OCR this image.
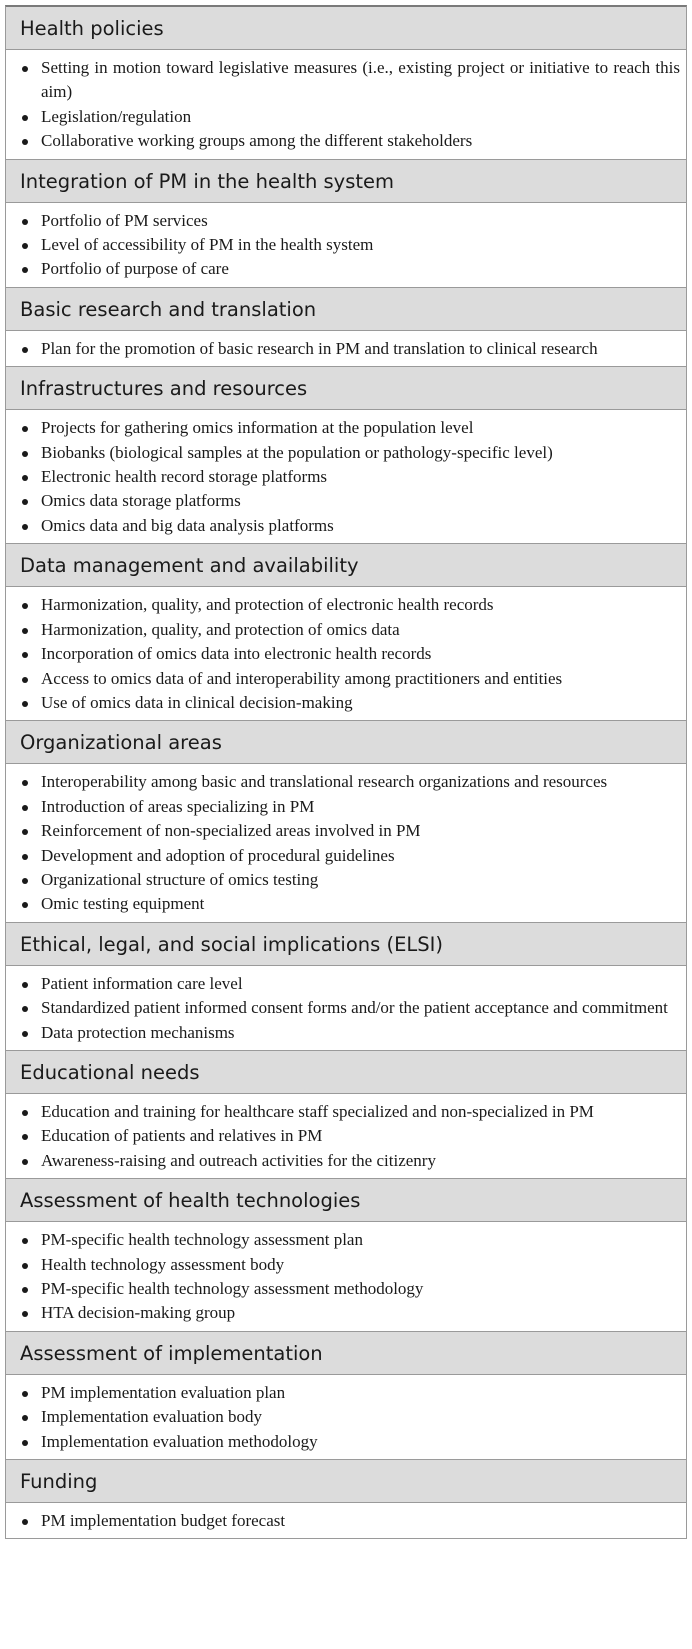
Health policies
Setting in motion toward legislative measures (i.e., existing project or initiative to reach this aim)
Legislation/regulation
Collaborative working groups among the different stakeholders
Integration of PM in the health system
Portfolio of PM services
Level of accessibility of PM in the health system
Portfolio of purpose of care
Basic research and translation
Plan for the promotion of basic research in PM and translation to clinical research
Infrastructures and resources
Projects for gathering omics information at the population level
Biobanks (biological samples at the population or pathology-specific level)
Electronic health record storage platforms
Omics data storage platforms
Omics data and big data analysis platforms
Data management and availability
Harmonization, quality, and protection of electronic health records
Harmonization, quality, and protection of omics data
Incorporation of omics data into electronic health records
Access to omics data of and interoperability among practitioners and entities
Use of omics data in clinical decision-making
Organizational areas
Interoperability among basic and translational research organizations and resources
Introduction of areas specializing in PM
Reinforcement of non-specialized areas involved in PM
Development and adoption of procedural guidelines
Organizational structure of omics testing
Omic testing equipment
Ethical, legal, and social implications (ELSI)
Patient information care level
Standardized patient informed consent forms and/or the patient acceptance and commitment
Data protection mechanisms
Educational needs
Education and training for healthcare staff specialized and non-specialized in PM
Education of patients and relatives in PM
Awareness-raising and outreach activities for the citizenry
Assessment of health technologies
PM-specific health technology assessment plan
Health technology assessment body
PM-specific health technology assessment methodology
HTA decision-making group
Assessment of implementation
PM implementation evaluation plan
Implementation evaluation body
Implementation evaluation methodology
Funding
PM implementation budget forecast
